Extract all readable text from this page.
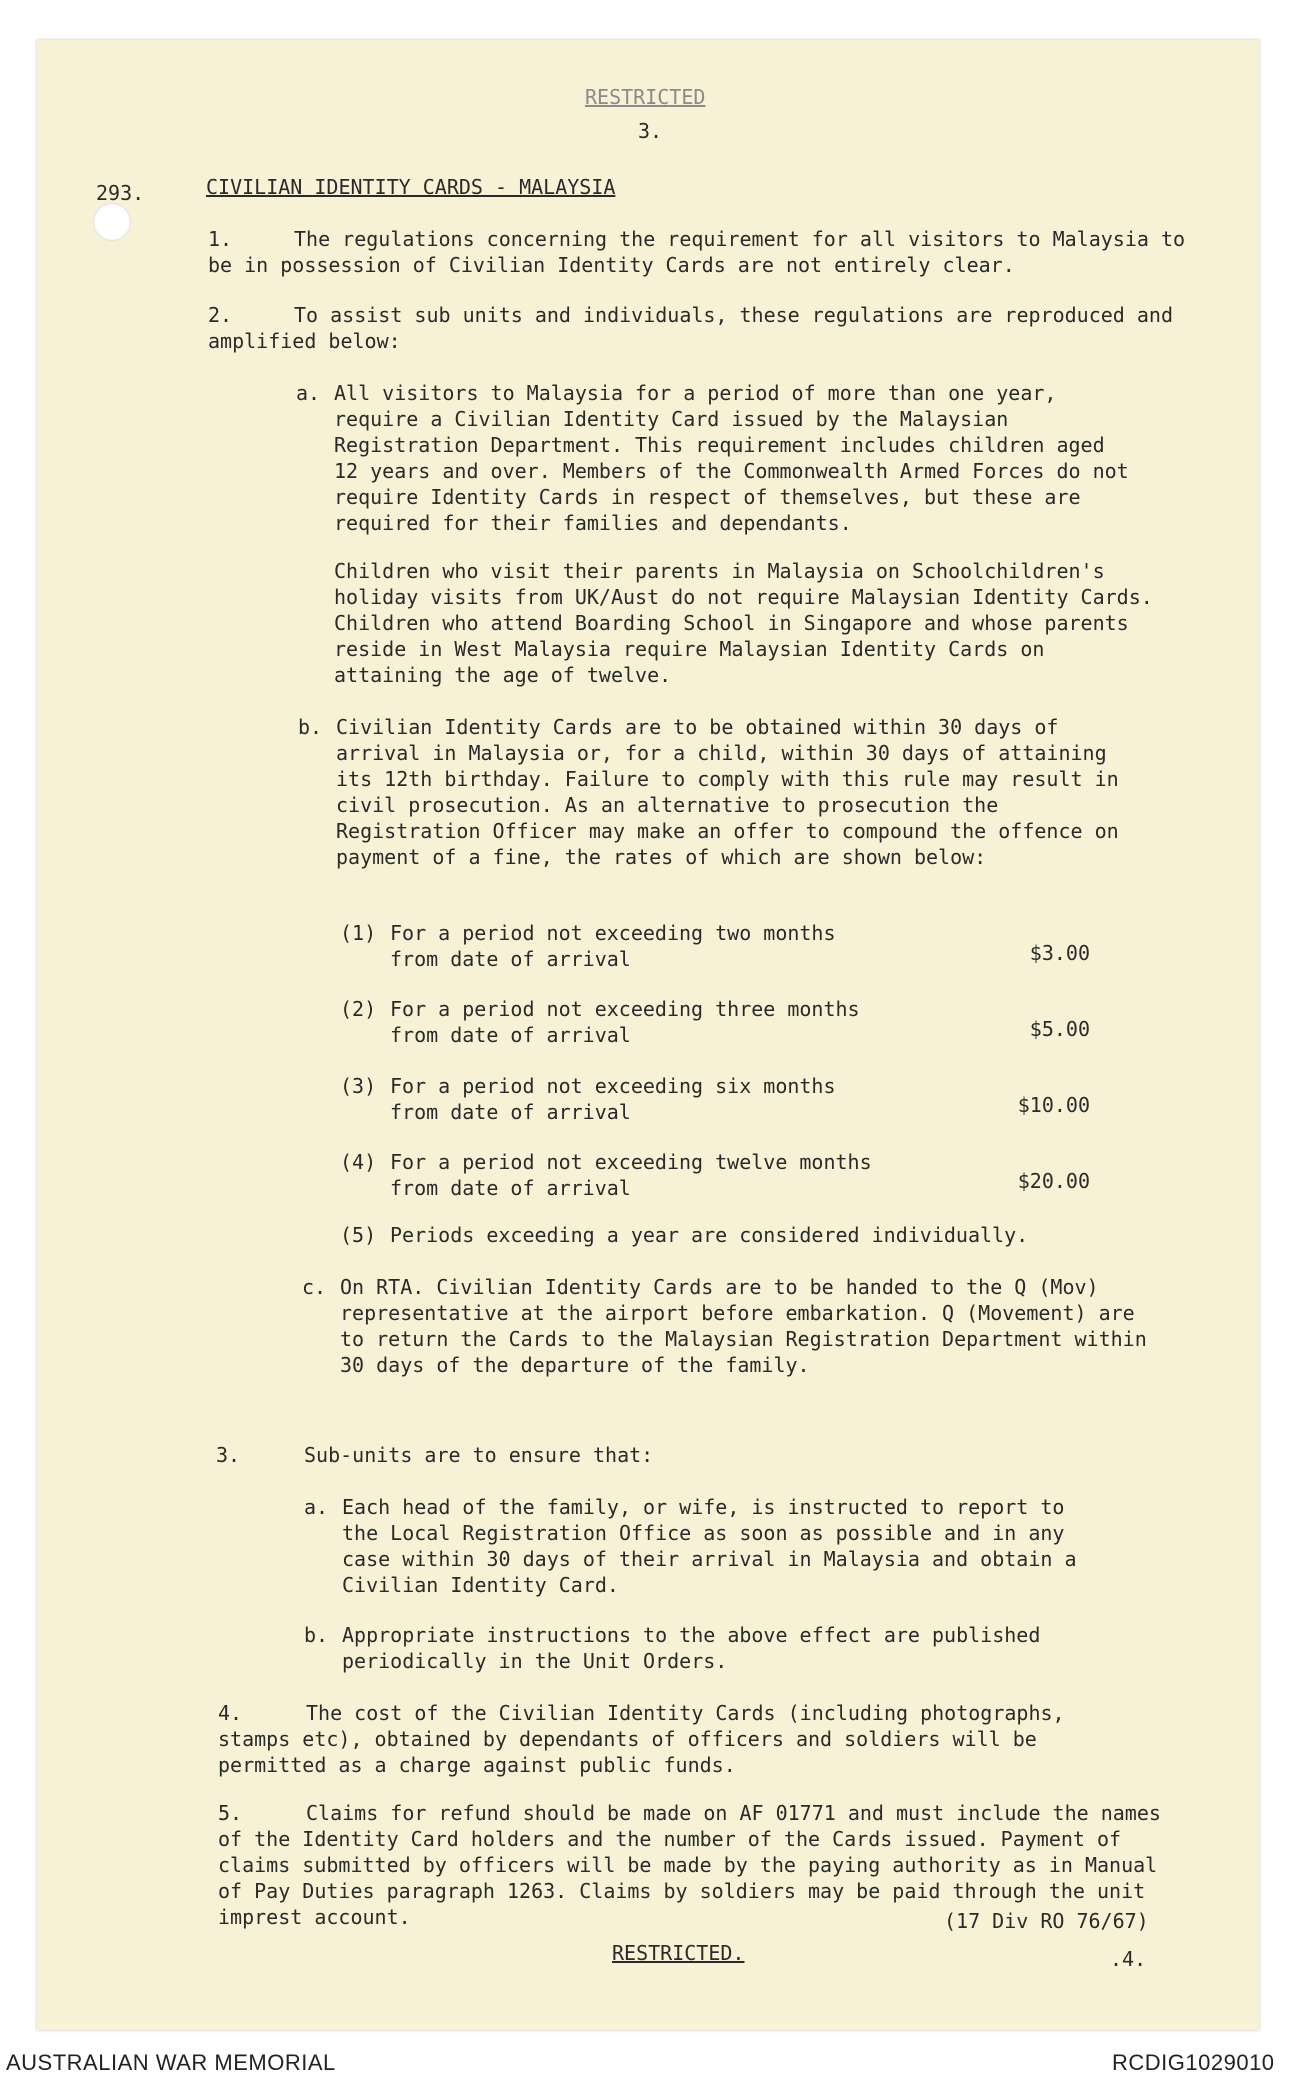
RESTRICTED
3.
293.	CIVILIAN IDENTITY CARDS - MALAYSIA
1.	The regulations concerning the requirement for all visitors to Malaysia to be in possession of Civilian Identity Cards are not entirely clear.
2.	To assist sub units and individuals, these regulations are reproduced and amplified below:
a. All visitors to Malaysia for a period of more than one year, require a Civilian Identity Card issued by the Malaysian Registration Department. This requirement includes children aged 12 years and over. Members of the Commonwealth Armed Forces do not require Identity Cards in respect of themselves, but these are required for their families and dependants.
Children who visit their parents in Malaysia on Schoolchildren's holiday visits from UK/Aust do not require Malaysian Identity Cards. Children who attend Boarding School in Singapore and whose parents reside in West Malaysia require Malaysian Identity Cards on attaining the age of twelve.
b. Civilian Identity Cards are to be obtained within 30 days of arrival in Malaysia or, for a child, within 30 days of attaining its 12th birthday. Failure to comply with this rule may result in civil prosecution. As an alternative to prosecution the Registration Officer may make an offer to compound the offence on payment of a fine, the rates of which are shown below:
(1) For a period not exceeding two months
from date of arrival	$3.00
(2) For a period not exceeding three months
from date of arrival	$5.00
(3) For a period not exceeding six months
from date of arrival	$10.00
(4) For a period not exceeding twelve months
from date of arrival	$20.00
(5) Periods exceeding a year are considered individually.
c. On RTA. Civilian Identity Cards are to be handed to the Q (Mov) representative at the airport before embarkation. Q (Movement) are to return the Cards to the Malaysian Registration Department within 30 days of the departure of the family.
3.	Sub-units are to ensure that:
a. Each head of the family, or wife, is instructed to report to the Local Registration Office as soon as possible and in any case within 30 days of their arrival in Malaysia and obtain a Civilian Identity Card.
b. Appropriate instructions to the above effect are published periodically in the Unit Orders.
4.	The cost of the Civilian Identity Cards (including photographs, stamps etc), obtained by dependants of officers and soldiers will be permitted as a charge against public funds.
5.	Claims for refund should be made on AF 01771 and must include the names of the Identity Card holders and the number of the Cards issued. Payment of claims submitted by officers will be made by the paying authority as in Manual of Pay Duties paragraph 1263. Claims by soldiers may be paid through the unit imprest account.	(17 Div RO 76/67)
RESTRICTED.	.4.
AUSTRALIAN WAR MEMORIAL	RCDIG1029010
